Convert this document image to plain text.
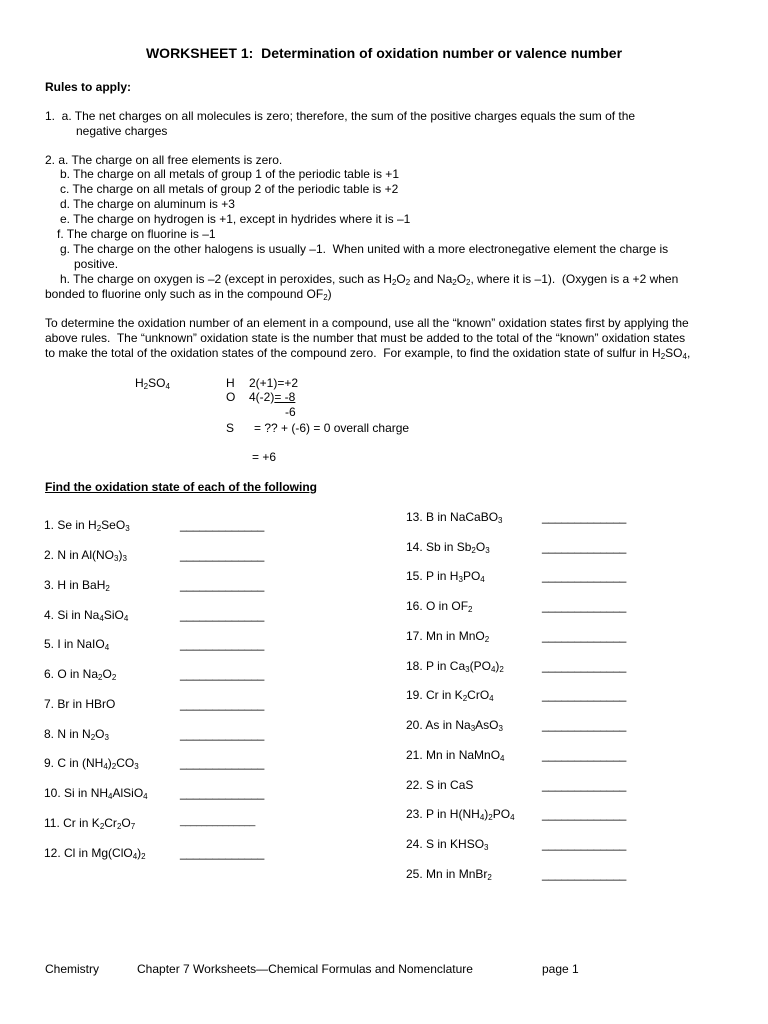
WORKSHEET 1:  Determination of oxidation number or valence number
Rules to apply:
1.  a. The net charges on all molecules is zero; therefore, the sum of the positive charges equals the sum of the
negative charges
2. a. The charge on all free elements is zero.
b. The charge on all metals of group 1 of the periodic table is +1
c. The charge on all metals of group 2 of the periodic table is +2
d. The charge on aluminum is +3
e. The charge on hydrogen is +1, except in hydrides where it is –1
f. The charge on fluorine is –1
g. The charge on the other halogens is usually –1.  When united with a more electronegative element the charge is
positive.
h. The charge on oxygen is –2 (except in peroxides, such as $H_2O_2$ and $Na_2O_2$, where it is –1).  (Oxygen is a +2 when
bonded to fluorine only such as in the compound $OF_2$)
To determine the oxidation number of an element in a compound, use all the “known” oxidation states first by applying the
above rules.  The “unknown” oxidation state is the number that must be added to the total of the “known” oxidation states
to make the total of the oxidation states of the compound zero.  For example, to find the oxidation state of sulfur in $H_2SO_4$,
$H_2SO_4$	H 2(+1)=+2
O 4(-2)= -8
-6
S = ?? + (-6) = 0 overall charge
= +6
Find the oxidation state of each of the following
1. Se in $H_2SeO_3$	_____________
2. N in $Al(NO_3)_3$	_____________
3. H in BaH$_2$	_____________
4. Si in $Na_4SiO_4$	_____________
5. I in NaIO$_4$	_____________
6. O in $Na_2O_2$	_____________
7. Br in HBrO	_____________
8. N in $N_2O_3$	_____________
9. C in $(NH_4)_2CO_3$	_____________
10. Si in $NH_4AlSiO_4$	_____________
11. Cr in $K_2Cr_2O_7$	______________
12. Cl in $Mg(ClO_4)_2$	_____________
13. B in NaCaBO$_3$	_____________
14. Sb in $Sb_2O_3$	_____________
15. P in $H_3PO_4$	_____________
16. O in $OF_2$	_____________
17. Mn in MnO$_2$	_____________
18. P in $Ca_3(PO_4)_2$	_____________
19. Cr in $K_2CrO_4$	_____________
20. As in $Na_3AsO_3$	_____________
21. Mn in NaMnO$_4$	_____________
22. S in CaS	_____________
23. P in $H(NH_4)_2PO_4$ _____________
24. S in $KHSO_3$	_____________
25. Mn in MnBr$_2$	_____________
Chemistry	Chapter 7 Worksheets—Chemical Formulas and Nomenclature	page 1
